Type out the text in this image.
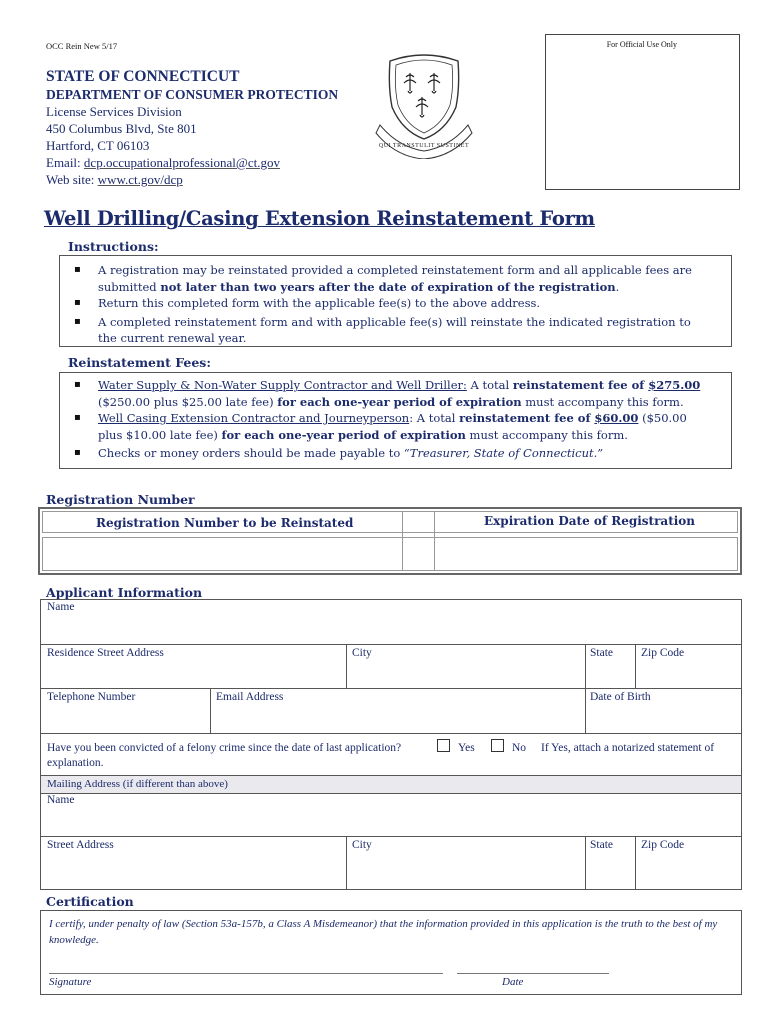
OCC Rein New 5/17	For Official Use Only
STATE OF CONNECTICUT
DEPARTMENT OF CONSUMER PROTECTION
License Services Division
450 Columbus Blvd, Ste 801
Hartford, CT 06103
Email: dcp.occupationalprofessional@ct.gov
Web site: www.ct.gov/dcp
QUI TRANSTULIT SUSTINET
Well Drilling/Casing Extension Reinstatement Form
Instructions:
▪ A registration may be reinstated provided a completed reinstatement form and all applicable fees are submitted not later than two years after the date of expiration of the registration.
▪ Return this completed form with the applicable fee(s) to the above address.
▪ A completed reinstatement form and with applicable fee(s) will reinstate the indicated registration to the current renewal year.
Reinstatement Fees:
▪ Water Supply & Non-Water Supply Contractor and Well Driller: A total reinstatement fee of $275.00 ($250.00 plus $25.00 late fee) for each one-year period of expiration must accompany this form.
▪ Well Casing Extension Contractor and Journeyperson: A total reinstatement fee of $60.00 ($50.00 plus $10.00 late fee) for each one-year period of expiration must accompany this form.
▪ Checks or money orders should be made payable to “Treasurer, State of Connecticut.”
Registration Number
Registration Number to be Reinstated	Expiration Date of Registration
Applicant Information
Name
Residence Street Address	City	State Zip Code
Telephone Number	Email Address	Date of Birth
Have you been convicted of a felony crime since the date of last application?	Yes	No If Yes, attach a notarized statement of
explanation.
Mailing Address (if different than above)
Name
Street Address	City	State Zip Code
Certification
I certify, under penalty of law (Section 53a-157b, a Class A Misdemeanor) that the information provided in this application is the truth to the best of my knowledge.
Signature	Date
